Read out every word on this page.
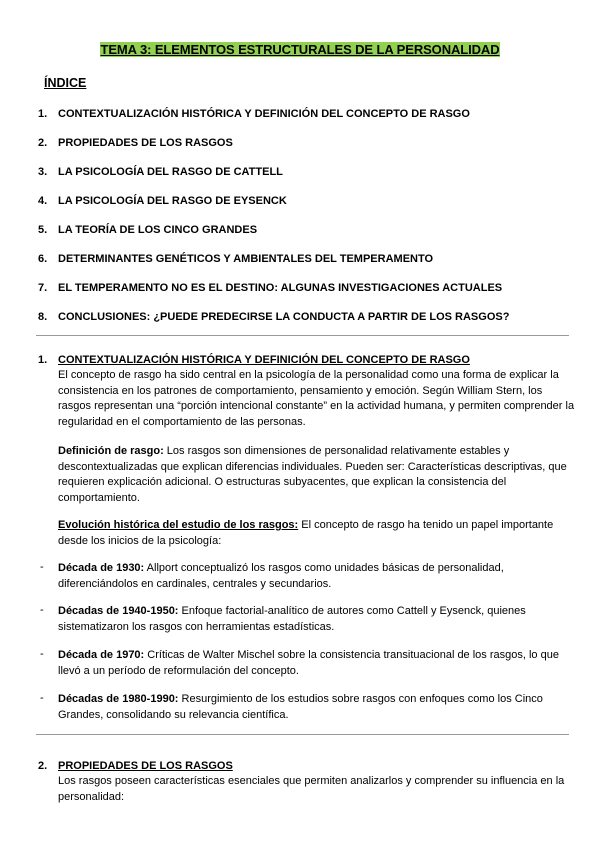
TEMA 3: ELEMENTOS ESTRUCTURALES DE LA PERSONALIDAD
ÍNDICE
1. CONTEXTUALIZACIÓN HISTÓRICA Y DEFINICIÓN DEL CONCEPTO DE RASGO
2. PROPIEDADES DE LOS RASGOS
3. LA PSICOLOGÍA DEL RASGO DE CATTELL
4. LA PSICOLOGÍA DEL RASGO DE EYSENCK
5. LA TEORÍA DE LOS CINCO GRANDES
6. DETERMINANTES GENÉTICOS Y AMBIENTALES DEL TEMPERAMENTO
7. EL TEMPERAMENTO NO ES EL DESTINO: ALGUNAS INVESTIGACIONES ACTUALES
8. CONCLUSIONES: ¿PUEDE PREDECIRSE LA CONDUCTA A PARTIR DE LOS RASGOS?
1. CONTEXTUALIZACIÓN HISTÓRICA Y DEFINICIÓN DEL CONCEPTO DE RASGO
El concepto de rasgo ha sido central en la psicología de la personalidad como una forma de explicar la consistencia en los patrones de comportamiento, pensamiento y emoción. Según William Stern, los rasgos representan una “porción intencional constante” en la actividad humana, y permiten comprender la regularidad en el comportamiento de las personas.
Definición de rasgo: Los rasgos son dimensiones de personalidad relativamente estables y descontextualizadas que explican diferencias individuales. Pueden ser: Características descriptivas, que requieren explicación adicional. O estructuras subyacentes, que explican la consistencia del comportamiento.
Evolución histórica del estudio de los rasgos: El concepto de rasgo ha tenido un papel importante desde los inicios de la psicología:
- Década de 1930: Allport conceptualizó los rasgos como unidades básicas de personalidad, diferenciándolos en cardinales, centrales y secundarios.
- Décadas de 1940-1950: Enfoque factorial-analítico de autores como Cattell y Eysenck, quienes sistematizaron los rasgos con herramientas estadísticas.
- Década de 1970: Críticas de Walter Mischel sobre la consistencia transituacional de los rasgos, lo que llevó a un período de reformulación del concepto.
- Décadas de 1980-1990: Resurgimiento de los estudios sobre rasgos con enfoques como los Cinco Grandes, consolidando su relevancia científica.
2. PROPIEDADES DE LOS RASGOS
Los rasgos poseen características esenciales que permiten analizarlos y comprender su influencia en la personalidad:
